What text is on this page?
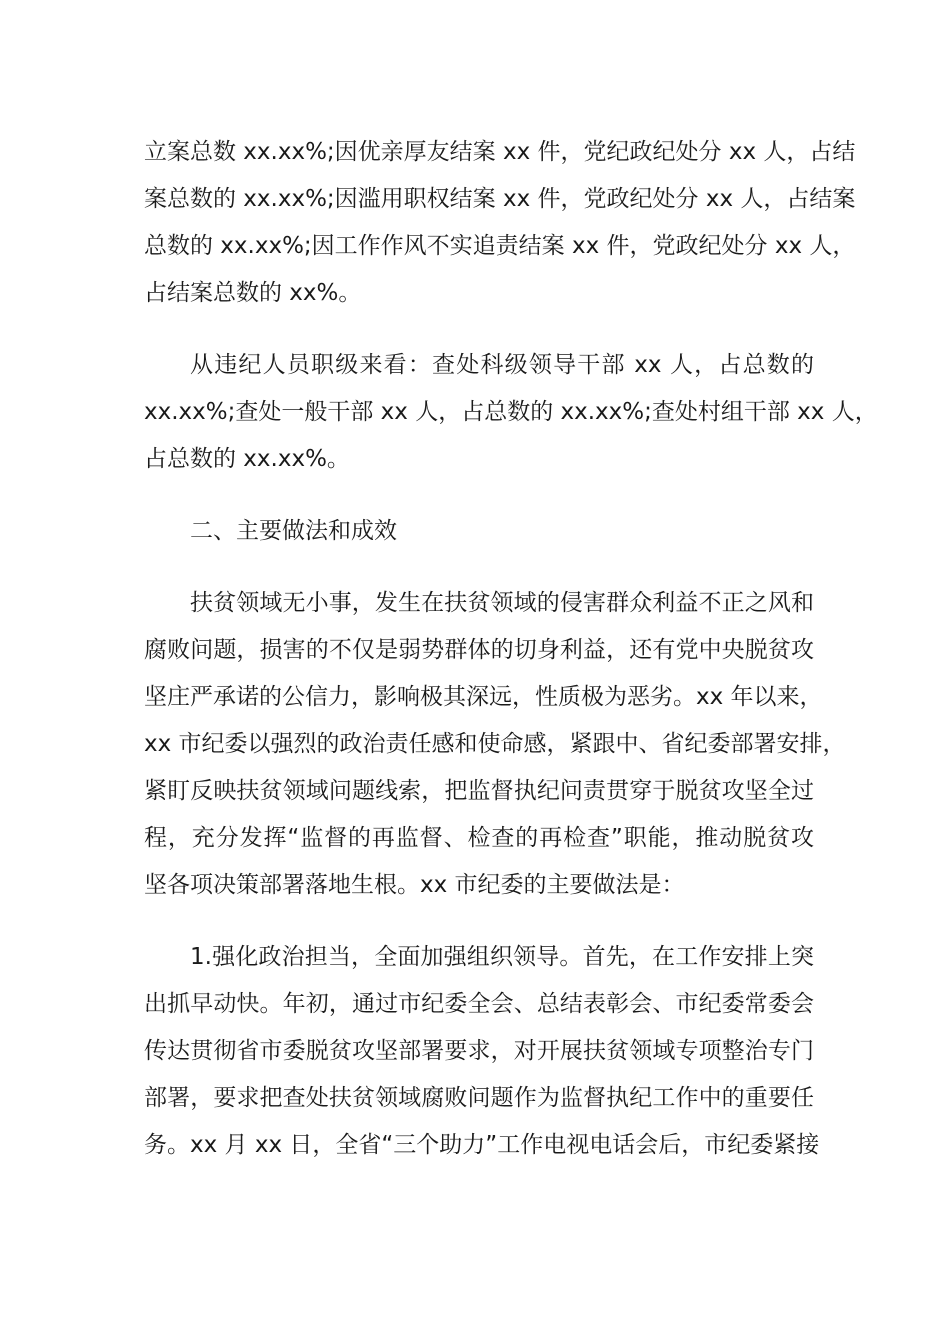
立案总数 xx.xx%;因优亲厚友结案 xx 件，党纪政纪处分 xx 人，占结
案总数的 xx.xx%;因滥用职权结案 xx 件，党政纪处分 xx 人，占结案
总数的 xx.xx%;因工作作风不实追责结案 xx 件，党政纪处分 xx 人，
占结案总数的 xx%。
从违纪人员职级来看：查处科级领导干部 xx 人，占总数的
xx.xx%;查处一般干部 xx 人，占总数的 xx.xx%;查处村组干部 xx 人，
占总数的 xx.xx%。
二、主要做法和成效
扶贫领域无小事，发生在扶贫领域的侵害群众利益不正之风和
腐败问题，损害的不仅是弱势群体的切身利益，还有党中央脱贫攻
坚庄严承诺的公信力，影响极其深远，性质极为恶劣。xx 年以来，
xx 市纪委以强烈的政治责任感和使命感，紧跟中、省纪委部署安排，
紧盯反映扶贫领域问题线索，把监督执纪问责贯穿于脱贫攻坚全过
程，充分发挥“监督的再监督、检查的再检查”职能，推动脱贫攻
坚各项决策部署落地生根。xx 市纪委的主要做法是：
1.强化政治担当，全面加强组织领导。首先，在工作安排上突
出抓早动快。年初，通过市纪委全会、总结表彰会、市纪委常委会
传达贯彻省市委脱贫攻坚部署要求，对开展扶贫领域专项整治专门
部署，要求把查处扶贫领域腐败问题作为监督执纪工作中的重要任
务。xx 月 xx 日，全省“三个助力”工作电视电话会后，市纪委紧接
